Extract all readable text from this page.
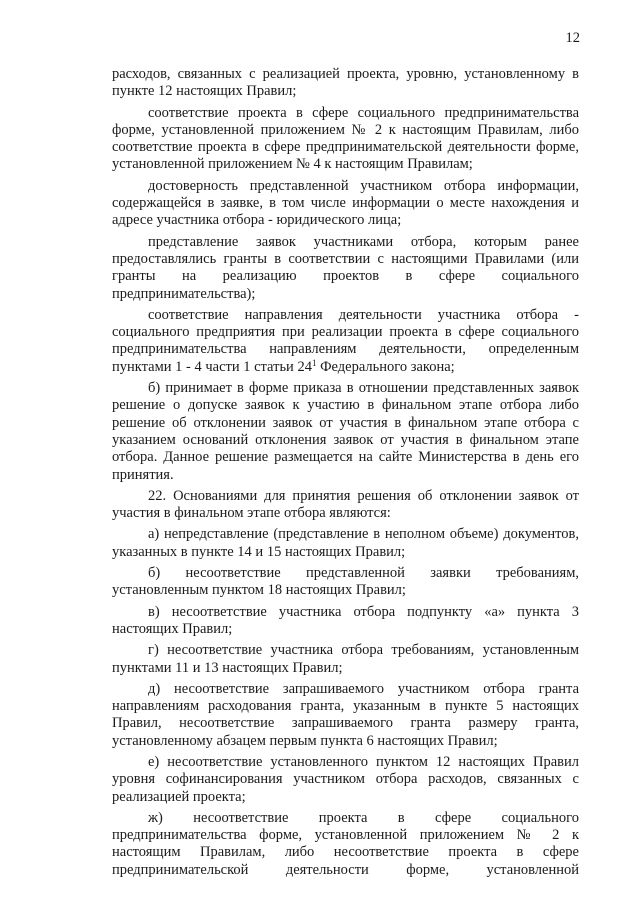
12

расходов, связанных с реализацией проекта, уровню, установленному в пункте 12 настоящих Правил;

соответствие проекта в сфере социального предпринимательства форме, установленной приложением № 2 к настоящим Правилам, либо соответствие проекта в сфере предпринимательской деятельности форме, установленной приложением № 4 к настоящим Правилам;

достоверность представленной участником отбора информации, содержащейся в заявке, в том числе информации о месте нахождения и адресе участника отбора - юридического лица;

представление заявок участниками отбора, которым ранее предоставлялись гранты в соответствии с настоящими Правилами (или гранты на реализацию проектов в сфере социального предпринимательства);

соответствие направления деятельности участника отбора - социального предприятия при реализации проекта в сфере социального предпринимательства направлениям деятельности, определенным пунктами 1 - 4 части 1 статьи $24^1$ Федерального закона;

б) принимает в форме приказа в отношении представленных заявок решение о допуске заявок к участию в финальном этапе отбора либо решение об отклонении заявок от участия в финальном этапе отбора с указанием оснований отклонения заявок от участия в финальном этапе отбора. Данное решение размещается на сайте Министерства в день его принятия.

22. Основаниями для принятия решения об отклонении заявок от участия в финальном этапе отбора являются:

а) непредставление (представление в неполном объеме) документов, указанных в пункте 14 и 15 настоящих Правил;

б) несоответствие представленной заявки требованиям, установленным пунктом 18 настоящих Правил;

в) несоответствие участника отбора подпункту «а» пункта 3 настоящих Правил;

г) несоответствие участника отбора требованиям, установленным пунктами 11 и 13 настоящих Правил;

д) несоответствие запрашиваемого участником отбора гранта направлениям расходования гранта, указанным в пункте 5 настоящих Правил, несоответствие запрашиваемого гранта размеру гранта, установленному абзацем первым пункта 6 настоящих Правил;

е) несоответствие установленного пунктом 12 настоящих Правил уровня софинансирования участником отбора расходов, связанных с реализацией проекта;

ж) несоответствие проекта в сфере социального предпринимательства форме, установленной приложением № 2 к настоящим Правилам, либо несоответствие проекта в сфере предпринимательской деятельности форме, установленной
